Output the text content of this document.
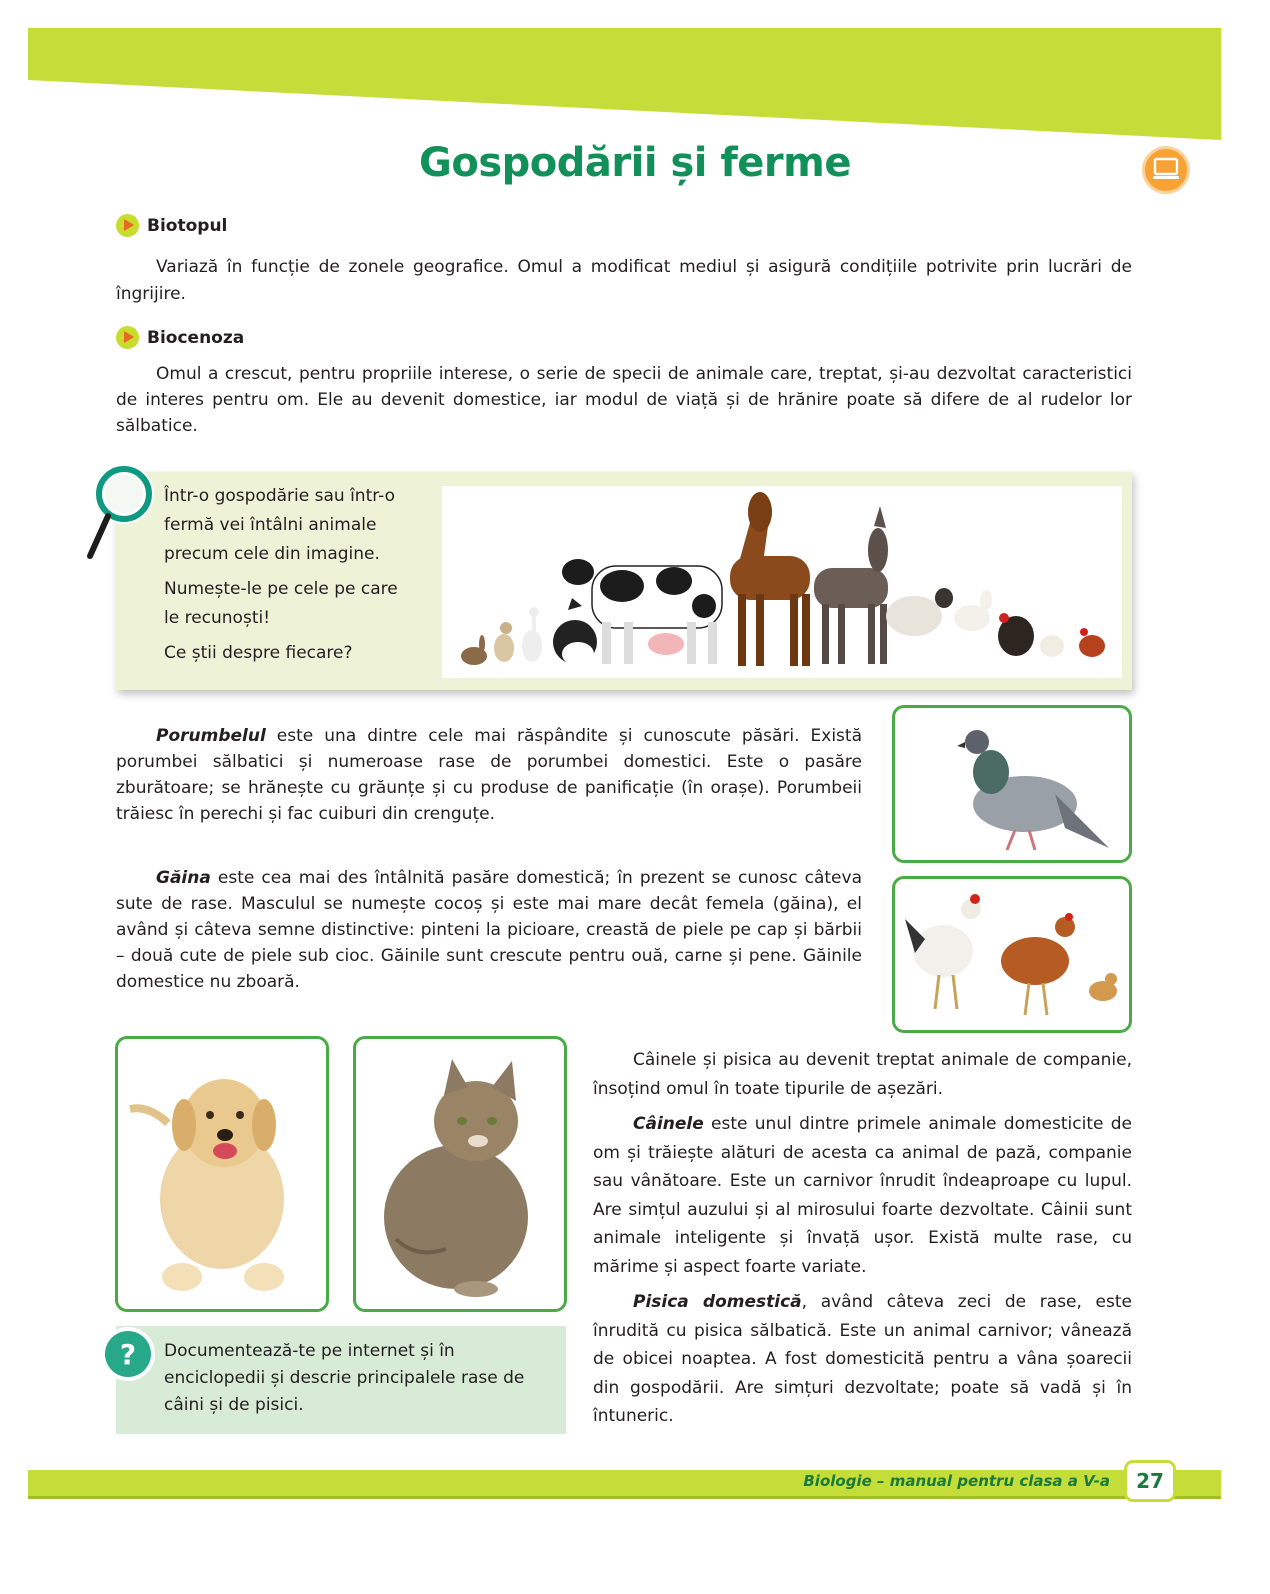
Gospodării și ferme
Biotopul

Variază în funcție de zonele geografice. Omul a modificat mediul și asigură condițiile potrivite prin lucrări de îngrijire.

Biocenoza

Omul a crescut, pentru propriile interese, o serie de specii de animale care, treptat, și-au dezvoltat caracteristici de interes pentru om. Ele au devenit domestice, iar modul de viață și de hrănire poate să difere de al rudelor lor sălbatice.

Într-o gospodărie sau într-o fermă vei întâlni animale precum cele din imagine.

Numește-le pe cele pe care le recunoști!

Ce știi despre fiecare?

Porumbelul este una dintre cele mai răspândite și cunoscute păsări. Există porumbei sălbatici și numeroase rase de porumbei domestici. Este o pasăre zburătoare; se hrănește cu grăunțe și cu produse de panificație (în orașe). Porumbeii trăiesc în perechi și fac cuiburi din crenguțe.

Găina este cea mai des întâlnită pasăre domestică; în prezent se cunosc câteva sute de rase. Masculul se numește cocoș și este mai mare decât femela (găina), el având și câteva semne distinctive: pinteni la picioare, creastă de piele pe cap și bărbii – două cute de piele sub cioc. Găinile sunt crescute pentru ouă, carne și pene. Găinile domestice nu zboară.

Câinele și pisica au devenit treptat animale de companie, însoțind omul în toate tipurile de așezări.

Câinele este unul dintre primele animale domesticite de om și trăiește alături de acesta ca animal de pază, companie sau vânătoare. Este un carnivor înrudit îndeaproape cu lupul. Are simțul auzului și al mirosului foarte dezvoltate. Câinii sunt animale inteligente și învață ușor. Există multe rase, cu mărime și aspect foarte variate.

Pisica domestică, având câteva zeci de rase, este înrudită cu pisica sălbatică. Este un animal carnivor; vânează de obicei noaptea. A fost domesticită pentru a vâna șoarecii din gospodării. Are simțuri dezvoltate; poate să vadă și în întuneric.

Documentează-te pe internet și în enciclopedii și descrie principalele rase de câini și de pisici.

?
Biologie – manual pentru clasa a V-a	27
